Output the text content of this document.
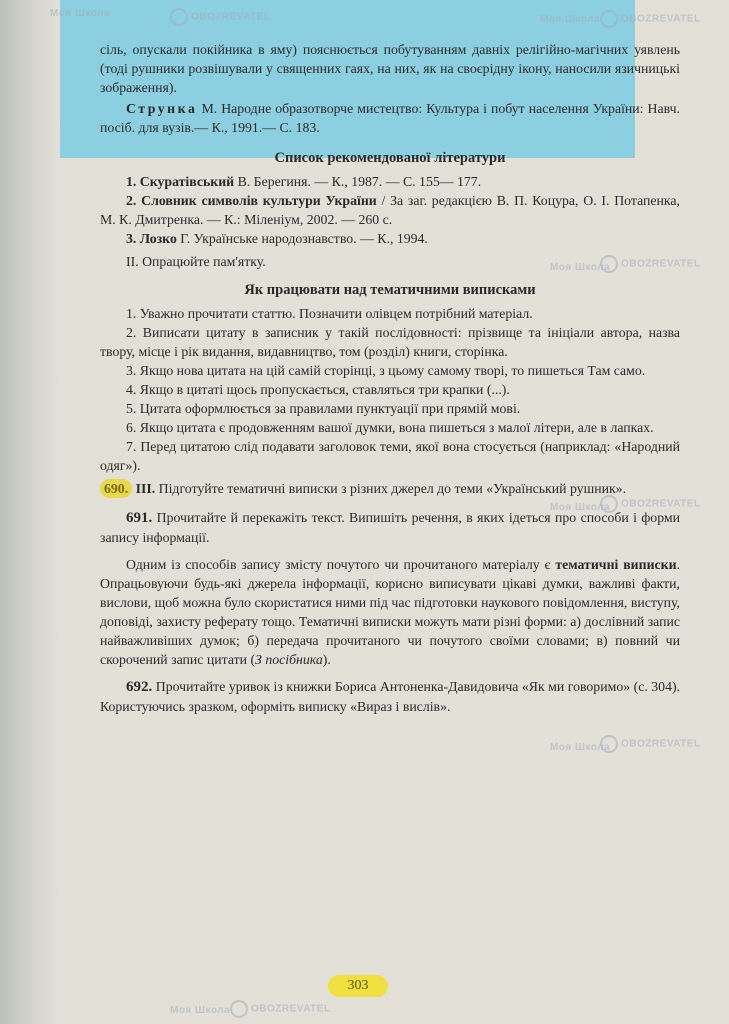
сіль, опускали покійника в яму) пояснюється побутуванням давніх релігійно-магічних уявлень (тоді рушники розвішували у священних гаях, на них, як на своєрідну ікону, наносили язичницькі зображення).

Стрункa М. Народне образотворче мистецтво: Культура і побут населення України: Навч. посіб. для вузів.— К., 1991.— С. 183.

Список рекомендованої літератури

1. Скуратівський В. Берегиня. — К., 1987. — С. 155— 177.

2. Словник символів культури України / За заг. редакцією В. П. Коцура, О. І. Потапенка, М. К. Дмитренка. — К.: Міленіум, 2002. — 260 с.

3. Лозко Г. Українське народознавство. — К., 1994.

II. Опрацюйте пам'ятку.

Як працювати над тематичними виписками

1. Уважно прочитати статтю. Позначити олівцем потрібний матеріал.

2. Виписати цитату в записник у такій послідовності: прізвище та ініціали автора, назва твору, місце і рік видання, видавництво, том (розділ) книги, сторінка.

3. Якщо нова цитата на цій самій сторінці, з цьому самому творі, то пишеться Там само.

4. Якщо в цитаті щось пропускається, ставляться три крапки (...).

5. Цитата оформлюється за правилами пунктуації при прямій мові.

6. Якщо цитата є продовженням вашої думки, вона пишеться з малої літери, але в лапках.

7. Перед цитатою слід подавати заголовок теми, якої вона стосується (наприклад: «Народний одяг»).

690. III. Підготуйте тематичні виписки з різних джерел до теми «Український рушник».

691. Прочитайте й перекажіть текст. Випишіть речення, в яких ідеться про способи і форми запису інформації.

Одним із способів запису змісту почутого чи прочитаного матеріалу є тематичні виписки. Опрацьовуючи будь-які джерела інформації, корисно виписувати цікаві думки, важливі факти, вислови, щоб можна було скористатися ними під час підготовки наукового повідомлення, виступу, доповіді, захисту реферату тощо. Тематичні виписки можуть мати різні форми: а) дослівний запис найважливіших думок; б) передача прочитаного чи почутого своїми словами; в) повний чи скорочений запис цитати (З посібника).

692. Прочитайте уривок із книжки Бориса Антоненка-Давидовича «Як ми говоримо» (с. 304). Користуючись зразком, оформіть виписку «Вираз і вислів».

303
Моя Школа	OBOZREVATEL	Моя Школа	OBOZREVATEL
Моя Школа	OBOZREVATEL
Моя Школа	OBOZREVATEL
Моя Школа	OBOZREVATEL
Моя Школа	OBOZREVATEL
